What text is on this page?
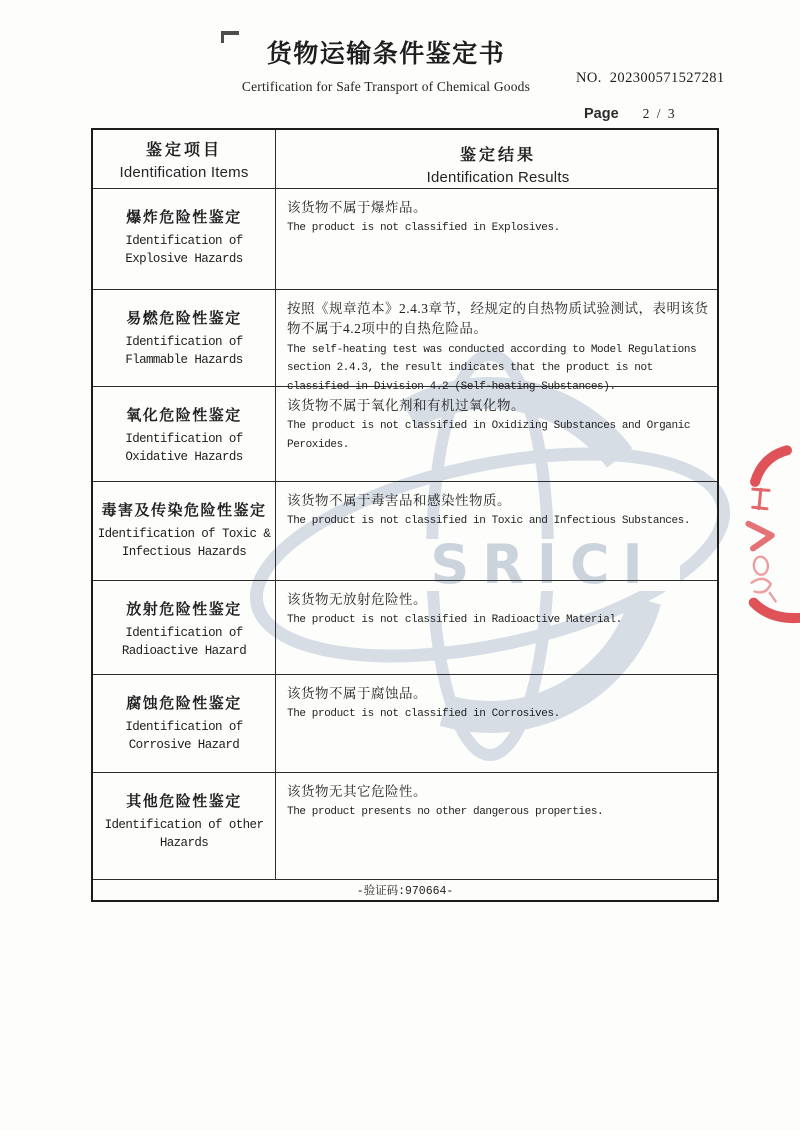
SRICI
货物运输条件鉴定书
Certification for Safe Transport of Chemical Goods
NO. 202300571527281
Page 2 / 3
鉴定项目
Identification Items
鉴定结果
Identification Results
爆炸危险性鉴定
Identification of Explosive Hazards
该货物不属于爆炸品。
The product is not classified in Explosives.
易燃危险性鉴定
Identification of Flammable Hazards
按照《规章范本》2.4.3章节，经规定的自热物质试验测试，表明该货物不属于4.2项中的自热危险品。
The self-heating test was conducted according to Model Regulations section 2.4.3, the result indicates that the product is not classified in Division 4.2 (Self-heating Substances).
氧化危险性鉴定
Identification of Oxidative Hazards
该货物不属于氧化剂和有机过氧化物。
The product is not classified in Oxidizing Substances and Organic Peroxides.
毒害及传染危险性鉴定
Identification of Toxic & Infectious Hazards
该货物不属于毒害品和感染性物质。
The product is not classified in Toxic and Infectious Substances.
放射危险性鉴定
Identification of Radioactive Hazard
该货物无放射危险性。
The product is not classified in Radioactive Material.
腐蚀危险性鉴定
Identification of Corrosive Hazard
该货物不属于腐蚀品。
The product is not classified in Corrosives.
其他危险性鉴定
Identification of other Hazards
该货物无其它危险性。
The product presents no other dangerous properties.
-验证码:970664-
